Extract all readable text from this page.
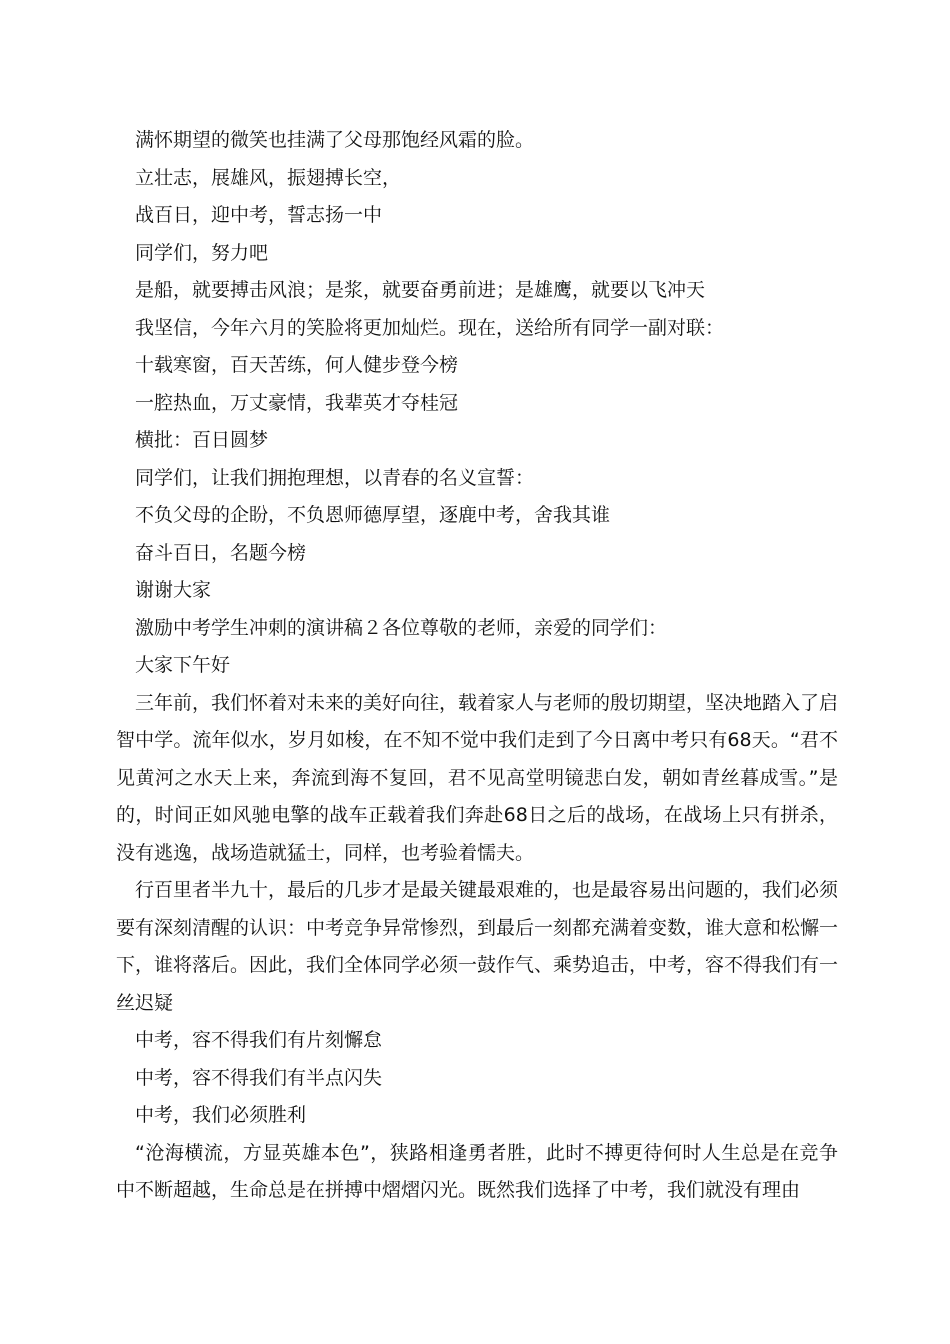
满怀期望的微笑也挂满了父母那饱经风霜的脸。

立壮志，展雄风，振翅搏长空，

战百日，迎中考，誓志扬一中

同学们，努力吧

是船，就要搏击风浪；是浆，就要奋勇前进；是雄鹰，就要以飞冲天

我坚信，今年六月的笑脸将更加灿烂。现在，送给所有同学一副对联：

十载寒窗，百天苦练，何人健步登今榜

一腔热血，万丈豪情，我辈英才夺桂冠

横批：百日圆梦

同学们，让我们拥抱理想，以青春的名义宣誓：

不负父母的企盼，不负恩师德厚望，逐鹿中考，舍我其谁

奋斗百日，名题今榜

谢谢大家

激励中考学生冲刺的演讲稿２各位尊敬的老师，亲爱的同学们：

大家下午好

三年前，我们怀着对未来的美好向往，载着家人与老师的殷切期望，坚决地踏入了启智中学。流年似水，岁月如梭，在不知不觉中我们走到了今日离中考只有68天。“君不见黄河之水天上来，奔流到海不复回，君不见高堂明镜悲白发，朝如青丝暮成雪。”是的，时间正如风驰电擎的战车正载着我们奔赴68日之后的战场，在战场上只有拼杀，没有逃逸，战场造就猛士，同样，也考验着懦夫。

行百里者半九十，最后的几步才是最关键最艰难的，也是最容易出问题的，我们必须要有深刻清醒的认识：中考竞争异常惨烈，到最后一刻都充满着变数，谁大意和松懈一下，谁将落后。因此，我们全体同学必须一鼓作气、乘势追击，中考，容不得我们有一丝迟疑

中考，容不得我们有片刻懈怠

中考，容不得我们有半点闪失

中考，我们必须胜利

“沧海横流，方显英雄本色”，狭路相逢勇者胜，此时不搏更待何时人生总是在竞争中不断超越，生命总是在拼搏中熠熠闪光。既然我们选择了中考，我们就没有理由
